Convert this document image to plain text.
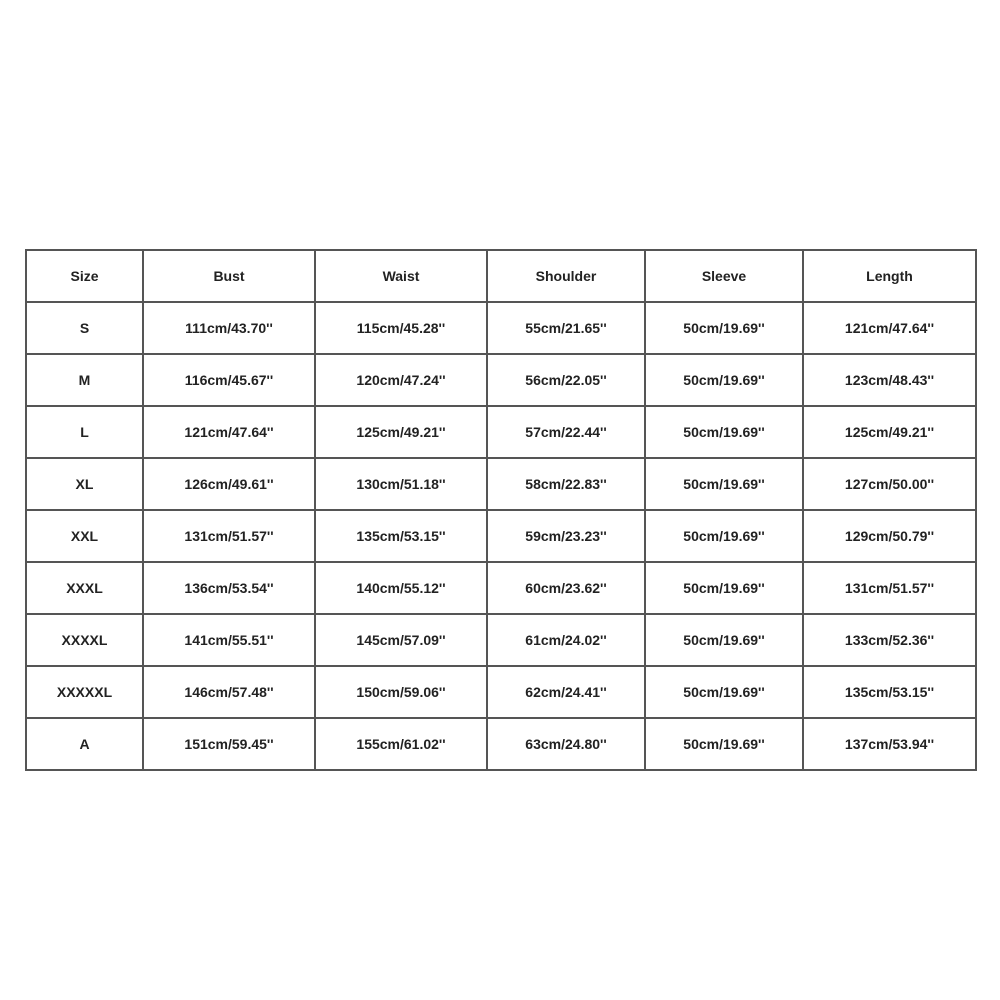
Size	Bust	Waist	Shoulder	Sleeve	Length
S	111cm/43.70''	115cm/45.28''	55cm/21.65''	50cm/19.69''	121cm/47.64''
M	116cm/45.67''	120cm/47.24''	56cm/22.05''	50cm/19.69''	123cm/48.43''
L	121cm/47.64''	125cm/49.21''	57cm/22.44''	50cm/19.69''	125cm/49.21''
XL	126cm/49.61''	130cm/51.18''	58cm/22.83''	50cm/19.69''	127cm/50.00''
XXL	131cm/51.57''	135cm/53.15''	59cm/23.23''	50cm/19.69''	129cm/50.79''
XXXL	136cm/53.54''	140cm/55.12''	60cm/23.62''	50cm/19.69''	131cm/51.57''
XXXXL	141cm/55.51''	145cm/57.09''	61cm/24.02''	50cm/19.69''	133cm/52.36''
XXXXXL	146cm/57.48''	150cm/59.06''	62cm/24.41''	50cm/19.69''	135cm/53.15''
A	151cm/59.45''	155cm/61.02''	63cm/24.80''	50cm/19.69''	137cm/53.94''
